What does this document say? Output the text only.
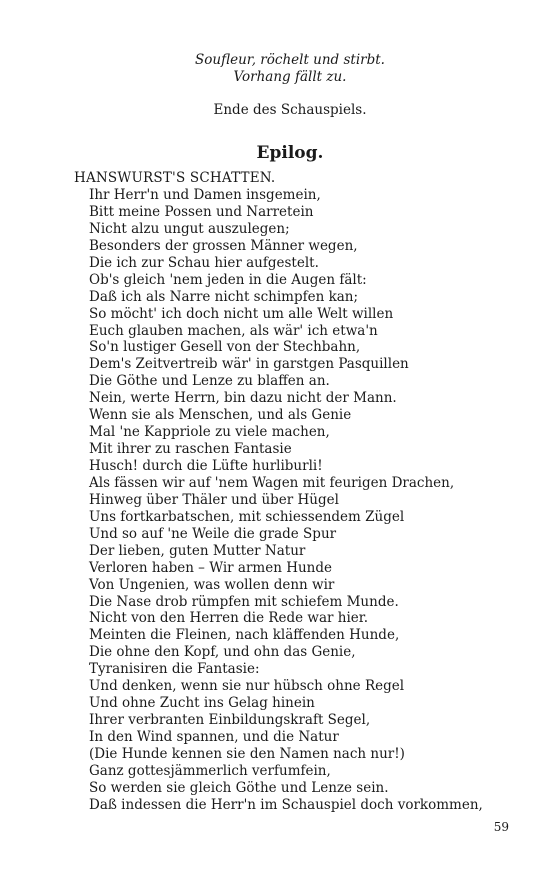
Soufleur, röchelt und stirbt.
Vorhang fällt zu.
Ende des Schauspiels.
Epilog.
HANSWURST'S SCHATTEN.
Ihr Herr'n und Damen insgemein,
Bitt meine Possen und Narretein
Nicht alzu ungut auszulegen;
Besonders der grossen Männer wegen,
Die ich zur Schau hier aufgestelt.
Ob's gleich 'nem jeden in die Augen fält:
Daß ich als Narre nicht schimpfen kan;
So möcht' ich doch nicht um alle Welt willen
Euch glauben machen, als wär' ich etwa'n
So'n lustiger Gesell von der Stechbahn,
Dem's Zeitvertreib wär' in garstgen Pasquillen
Die Göthe und Lenze zu blaffen an.
Nein, werte Herrn, bin dazu nicht der Mann.
Wenn sie als Menschen, und als Genie
Mal 'ne Kappriole zu viele machen,
Mit ihrer zu raschen Fantasie
Husch! durch die Lüfte hurliburli!
Als fässen wir auf 'nem Wagen mit feurigen Drachen,
Hinweg über Thäler und über Hügel
Uns fortkarbatschen, mit schiessendem Zügel
Und so auf 'ne Weile die grade Spur
Der lieben, guten Mutter Natur
Verloren haben – Wir armen Hunde
Von Ungenien, was wollen denn wir
Die Nase drob rümpfen mit schiefem Munde.
Nicht von den Herren die Rede war hier.
Meinten die Fleinen, nach kläffenden Hunde,
Die ohne den Kopf, und ohn das Genie,
Tyranisiren die Fantasie:
Und denken, wenn sie nur hübsch ohne Regel
Und ohne Zucht ins Gelag hinein
Ihrer verbranten Einbildungskraft Segel,
In den Wind spannen, und die Natur
(Die Hunde kennen sie den Namen nach nur!)
Ganz gottesjämmerlich verfumfein,
So werden sie gleich Göthe und Lenze sein.
Daß indessen die Herr'n im Schauspiel doch vorkommen,
59
